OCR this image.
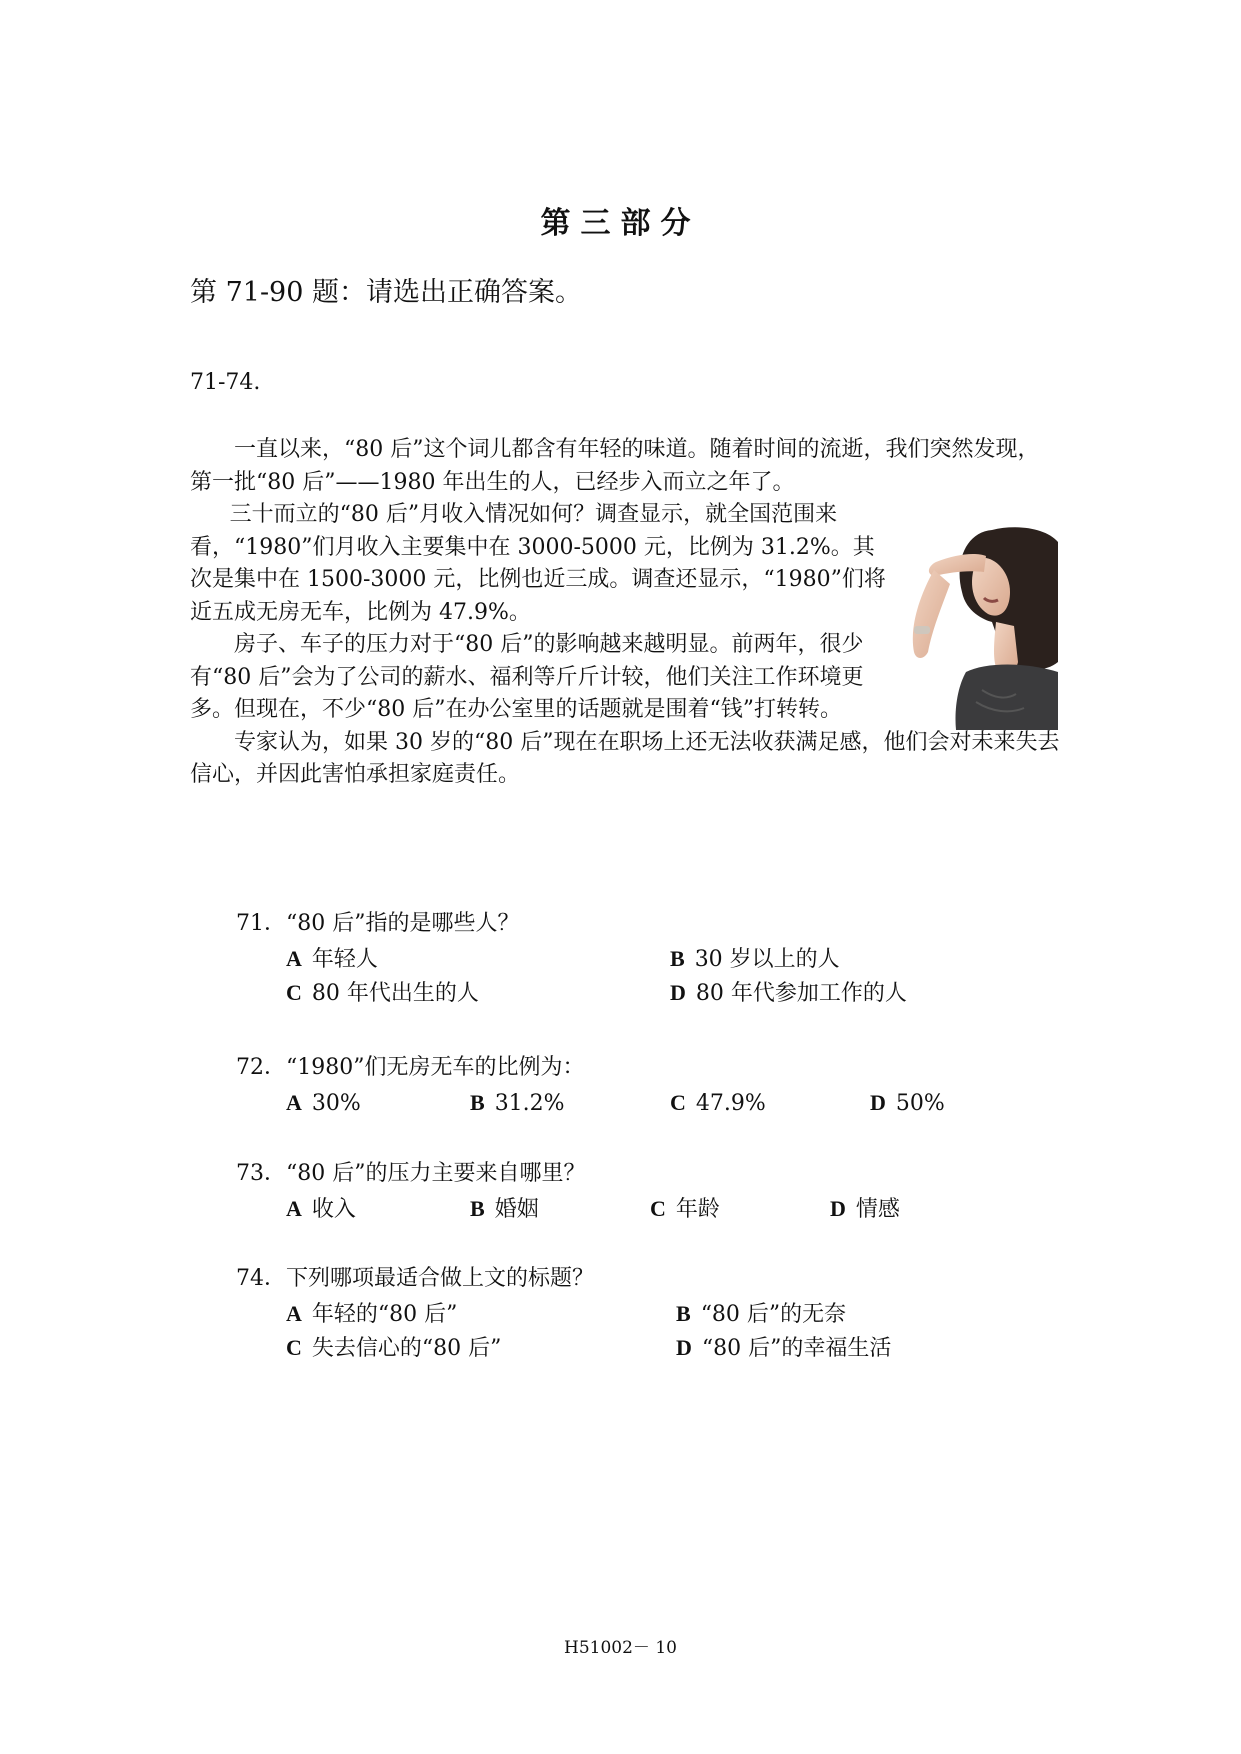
第三部分
第 71-90 题：请选出正确答案。
71-74.

一直以来，“80 后”这个词儿都含有年轻的味道。随着时间的流逝，我们突然发现，第一批“80 后”——1980 年出生的人，已经步入而立之年了。

三十而立的“80 后”月收入情况如何？调查显示，就全国范围来看，“1980”们月收入主要集中在 3000-5000 元，比例为 31.2%。其次是集中在 1500-3000 元，比例也近三成。调查还显示，“1980”们将近五成无房无车，比例为 47.9%。

房子、车子的压力对于“80 后”的影响越来越明显。前两年，很少有“80 后”会为了公司的薪水、福利等斤斤计较，他们关注工作环境更多。但现在，不少“80 后”在办公室里的话题就是围着“钱”打转转。

专家认为，如果 30 岁的“80 后”现在在职场上还无法收获满足感，他们会对未来失去信心，并因此害怕承担家庭责任。

71．“80 后”指的是哪些人？
A 年轻人	B 30 岁以上的人
C 80 年代出生的人	D 80 年代参加工作的人
72．“1980”们无房无车的比例为：
A 30%	B 31.2%	C 47.9%	D 50%
73．“80 后”的压力主要来自哪里？
A 收入	B 婚姻	C 年龄	D 情感
74．下列哪项最适合做上文的标题？
A 年轻的“80 后”	B “80 后”的无奈
C 失去信心的“80 后”	D “80 后”的幸福生活
H51002－ 10
